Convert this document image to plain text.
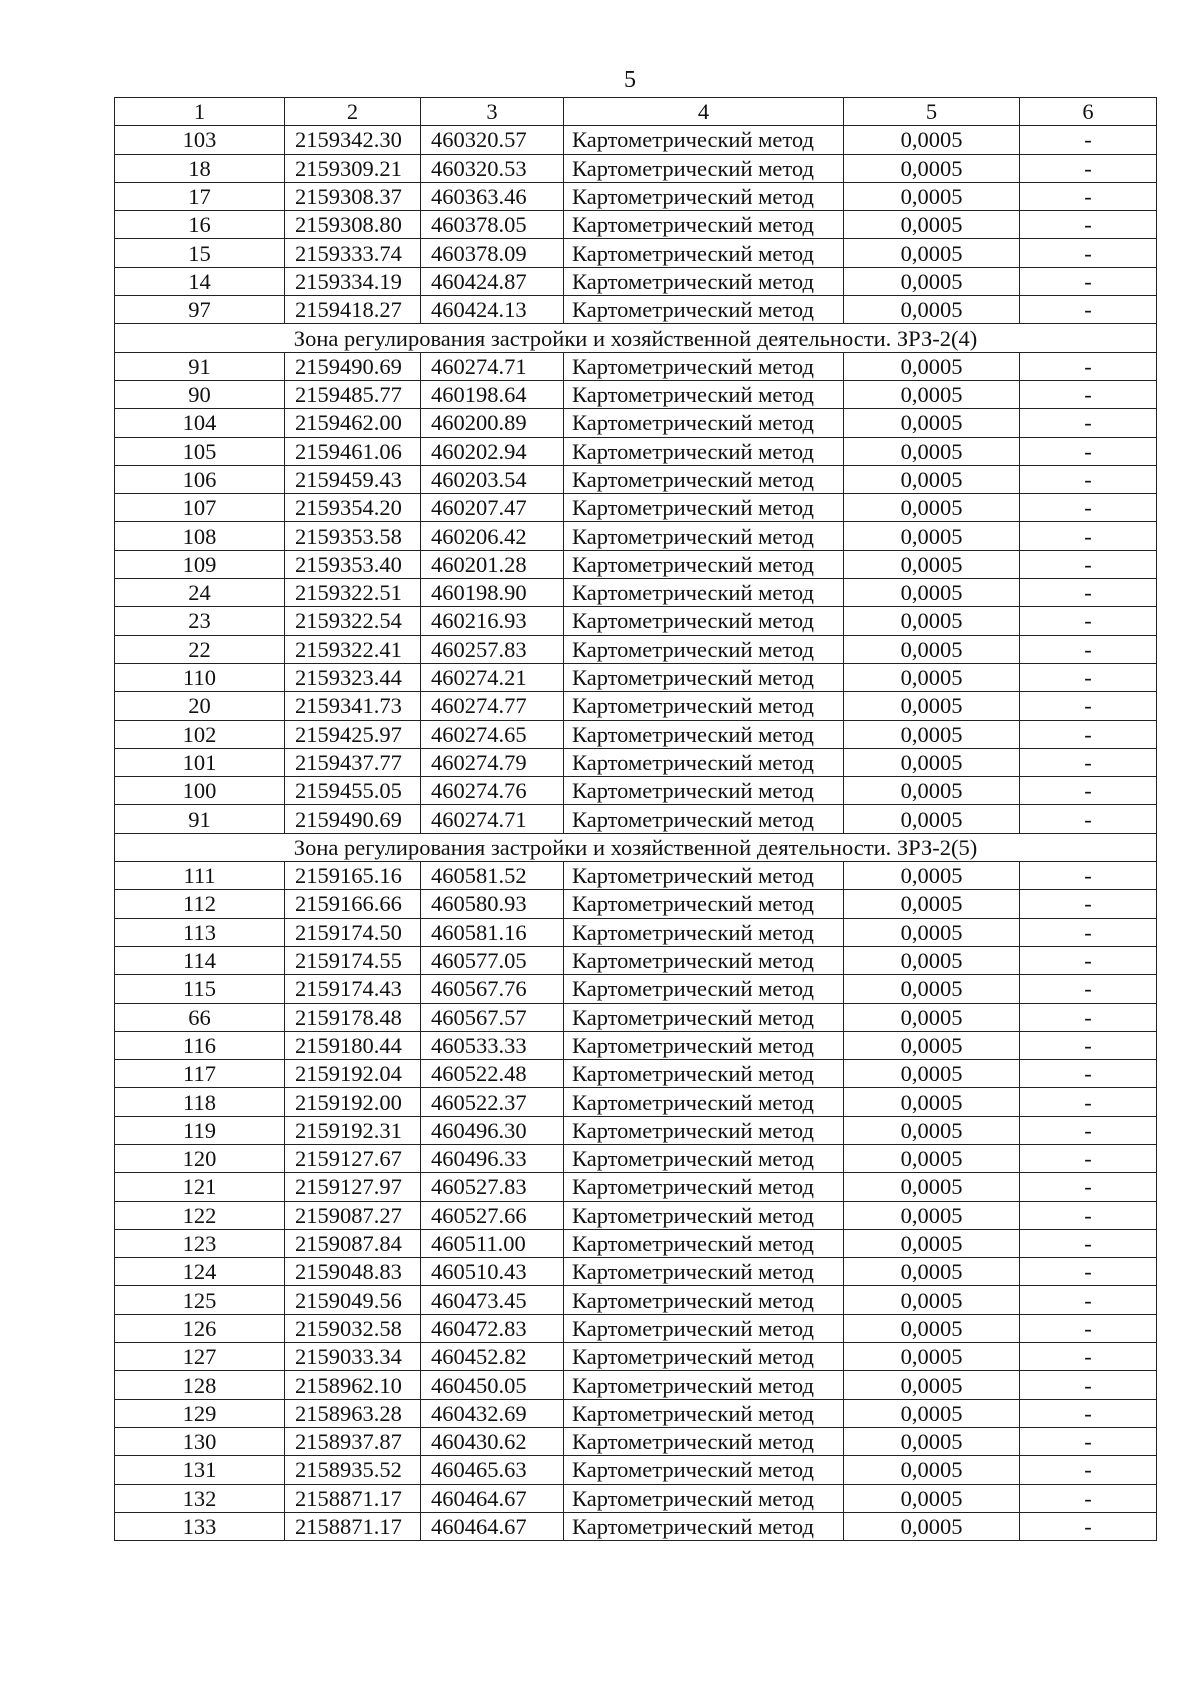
5
1	2	3	4	5	6
103	2159342.30	460320.57	Картометрический метод	0,0005	-
18	2159309.21	460320.53	Картометрический метод	0,0005	-
17	2159308.37	460363.46	Картометрический метод	0,0005	-
16	2159308.80	460378.05	Картометрический метод	0,0005	-
15	2159333.74	460378.09	Картометрический метод	0,0005	-
14	2159334.19	460424.87	Картометрический метод	0,0005	-
97	2159418.27	460424.13	Картометрический метод	0,0005	-
Зона регулирования застройки и хозяйственной деятельности. ЗРЗ-2(4)					
91	2159490.69	460274.71	Картометрический метод	0,0005	-
90	2159485.77	460198.64	Картометрический метод	0,0005	-
104	2159462.00	460200.89	Картометрический метод	0,0005	-
105	2159461.06	460202.94	Картометрический метод	0,0005	-
106	2159459.43	460203.54	Картометрический метод	0,0005	-
107	2159354.20	460207.47	Картометрический метод	0,0005	-
108	2159353.58	460206.42	Картометрический метод	0,0005	-
109	2159353.40	460201.28	Картометрический метод	0,0005	-
24	2159322.51	460198.90	Картометрический метод	0,0005	-
23	2159322.54	460216.93	Картометрический метод	0,0005	-
22	2159322.41	460257.83	Картометрический метод	0,0005	-
110	2159323.44	460274.21	Картометрический метод	0,0005	-
20	2159341.73	460274.77	Картометрический метод	0,0005	-
102	2159425.97	460274.65	Картометрический метод	0,0005	-
101	2159437.77	460274.79	Картометрический метод	0,0005	-
100	2159455.05	460274.76	Картометрический метод	0,0005	-
91	2159490.69	460274.71	Картометрический метод	0,0005	-
Зона регулирования застройки и хозяйственной деятельности. ЗРЗ-2(5)					
111	2159165.16	460581.52	Картометрический метод	0,0005	-
112	2159166.66	460580.93	Картометрический метод	0,0005	-
113	2159174.50	460581.16	Картометрический метод	0,0005	-
114	2159174.55	460577.05	Картометрический метод	0,0005	-
115	2159174.43	460567.76	Картометрический метод	0,0005	-
66	2159178.48	460567.57	Картометрический метод	0,0005	-
116	2159180.44	460533.33	Картометрический метод	0,0005	-
117	2159192.04	460522.48	Картометрический метод	0,0005	-
118	2159192.00	460522.37	Картометрический метод	0,0005	-
119	2159192.31	460496.30	Картометрический метод	0,0005	-
120	2159127.67	460496.33	Картометрический метод	0,0005	-
121	2159127.97	460527.83	Картометрический метод	0,0005	-
122	2159087.27	460527.66	Картометрический метод	0,0005	-
123	2159087.84	460511.00	Картометрический метод	0,0005	-
124	2159048.83	460510.43	Картометрический метод	0,0005	-
125	2159049.56	460473.45	Картометрический метод	0,0005	-
126	2159032.58	460472.83	Картометрический метод	0,0005	-
127	2159033.34	460452.82	Картометрический метод	0,0005	-
128	2158962.10	460450.05	Картометрический метод	0,0005	-
129	2158963.28	460432.69	Картометрический метод	0,0005	-
130	2158937.87	460430.62	Картометрический метод	0,0005	-
131	2158935.52	460465.63	Картометрический метод	0,0005	-
132	2158871.17	460464.67	Картометрический метод	0,0005	-
133	2158871.17	460464.67	Картометрический метод	0,0005	-
